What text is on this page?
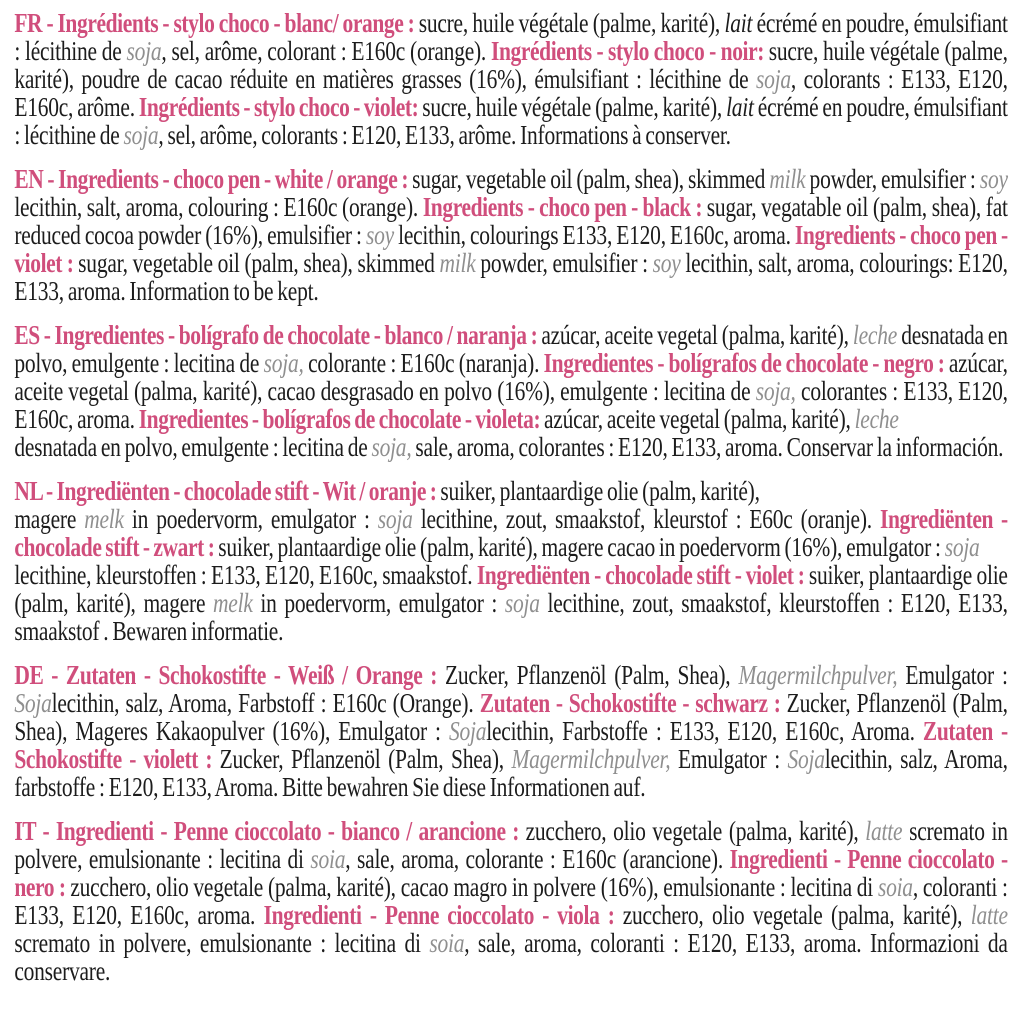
FR - Ingrédients - stylo choco - blanc/ orange : sucre, huile végétale (palme, karité), lait écrémé en poudre, émulsifiant : lécithine de soja, sel, arôme, colorant : E160c (orange). Ingrédients - stylo choco - noir: sucre, huile végétale (palme, karité), poudre de cacao réduite en matières grasses (16%), émulsifiant : lécithine de soja, colorants : E133, E120, E160c, arôme. Ingrédients - stylo choco - violet: sucre, huile végétale (palme, karité), lait écrémé en poudre, émulsifiant : lécithine de soja, sel, arôme, colorants : E120, E133, arôme. Informations à conserver.

EN - Ingredients - choco pen - white / orange : sugar, vegetable oil (palm, shea), skimmed milk powder, emulsifier : soy lecithin, salt, aroma, colouring : E160c (orange). Ingredients - choco pen - black : sugar, vegatable oil (palm, shea), fat reduced cocoa powder (16%), emulsifier : soy lecithin, colourings E133, E120, E160c, aroma. Ingredients - choco pen - violet : sugar, vegetable oil (palm, shea), skimmed milk powder, emulsifier : soy lecithin, salt, aroma, colourings: E120, E133, aroma. Information to be kept.

ES - Ingredientes - bolígrafo de chocolate - blanco / naranja : azúcar, aceite vegetal (palma, karité), leche desnatada en polvo, emulgente : lecitina de soja, colorante : E160c (naranja). Ingredientes - bolígrafos de chocolate - negro : azúcar, aceite vegetal (palma, karité), cacao desgrasado en polvo (16%), emulgente : lecitina de soja, colorantes : E133, E120, E160c, aroma. Ingredientes - bolígrafos de chocolate - violeta: azúcar, aceite vegetal (palma, karité), leche
desnatada en polvo, emulgente : lecitina de soja, sale, aroma, colorantes : E120, E133, aroma. Conservar la información.

NL - Ingrediënten - chocolade stift - Wit / oranje : suiker, plantaardige olie (palm, karité),
magere melk in poedervorm, emulgator : soja lecithine, zout, smaakstof, kleurstof : E60c (oranje). Ingrediënten - chocolade stift - zwart : suiker, plantaardige olie (palm, karité), magere cacao in poedervorm (16%), emulgator : soja
lecithine, kleurstoffen : E133, E120, E160c, smaakstof. Ingrediënten - chocolade stift - violet : suiker, plantaardige olie (palm, karité), magere melk in poedervorm, emulgator : soja lecithine, zout, smaakstof, kleurstoffen : E120, E133, smaakstof . Bewaren informatie.

DE - Zutaten - Schokostifte - Weiß / Orange : Zucker, Pflanzenöl (Palm, Shea), Magermilchpulver, Emulgator : Sojalecithin, salz, Aroma, Farbstoff : E160c (Orange). Zutaten - Schokostifte - schwarz : Zucker, Pflanzenöl (Palm, Shea), Mageres Kakaopulver (16%), Emulgator : Sojalecithin, Farbstoffe : E133, E120, E160c, Aroma. Zutaten - Schokostifte - violett : Zucker, Pflanzenöl (Palm, Shea), Magermilchpulver, Emulgator : Sojalecithin, salz, Aroma, farbstoffe : E120, E133, Aroma. Bitte bewahren Sie diese Informationen auf.

IT - Ingredienti - Penne cioccolato - bianco / arancione : zucchero, olio vegetale (palma, karité), latte scremato in polvere, emulsionante : lecitina di soia, sale, aroma, colorante : E160c (arancione). Ingredienti - Penne cioccolato - nero : zucchero, olio vegetale (palma, karité), cacao magro in polvere (16%), emulsionante : lecitina di soia, coloranti : E133, E120, E160c, aroma. Ingredienti - Penne cioccolato - viola : zucchero, olio vegetale (palma, karité), latte scremato in polvere, emulsionante : lecitina di soia, sale, aroma, coloranti : E120, E133, aroma. Informazioni da conservare.
